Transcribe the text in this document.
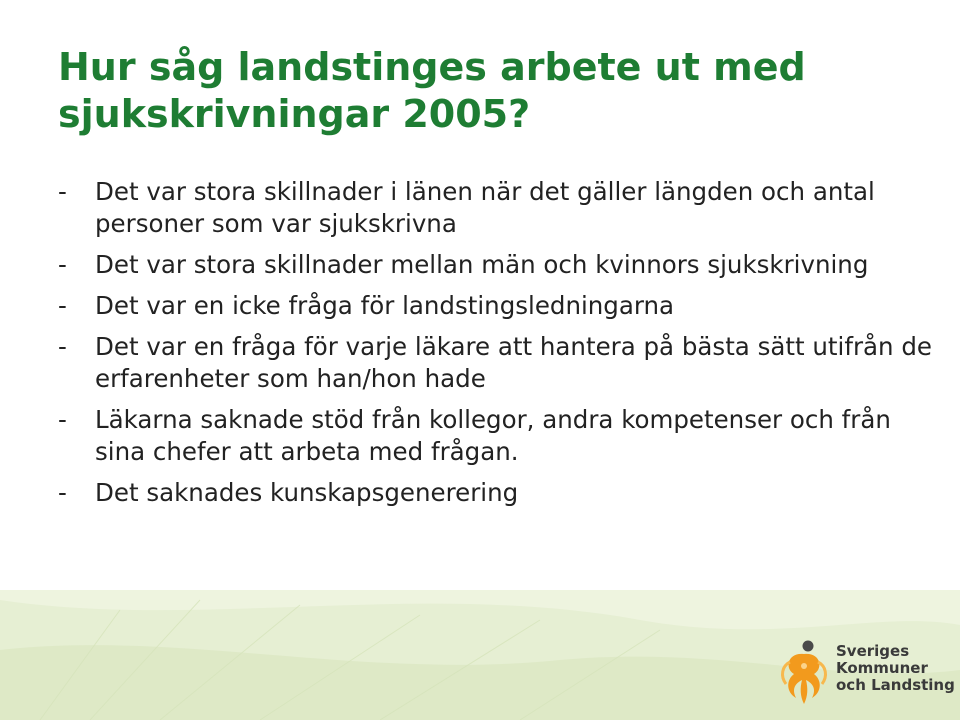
Hur såg landstinges arbete ut med sjukskrivningar 2005?
- Det var stora skillnader i länen när det gäller längden och antal personer som var sjukskrivna
- Det var stora skillnader mellan män och kvinnors sjukskrivning
- Det var en icke fråga för landstingsledningarna
- Det var en fråga för varje läkare att hantera på bästa sätt utifrån de erfarenheter som han/hon hade
- Läkarna saknade stöd från kollegor, andra kompetenser och från sina chefer att arbeta med frågan.
- Det saknades kunskapsgenerering
Sveriges
Kommuner
och Landsting
